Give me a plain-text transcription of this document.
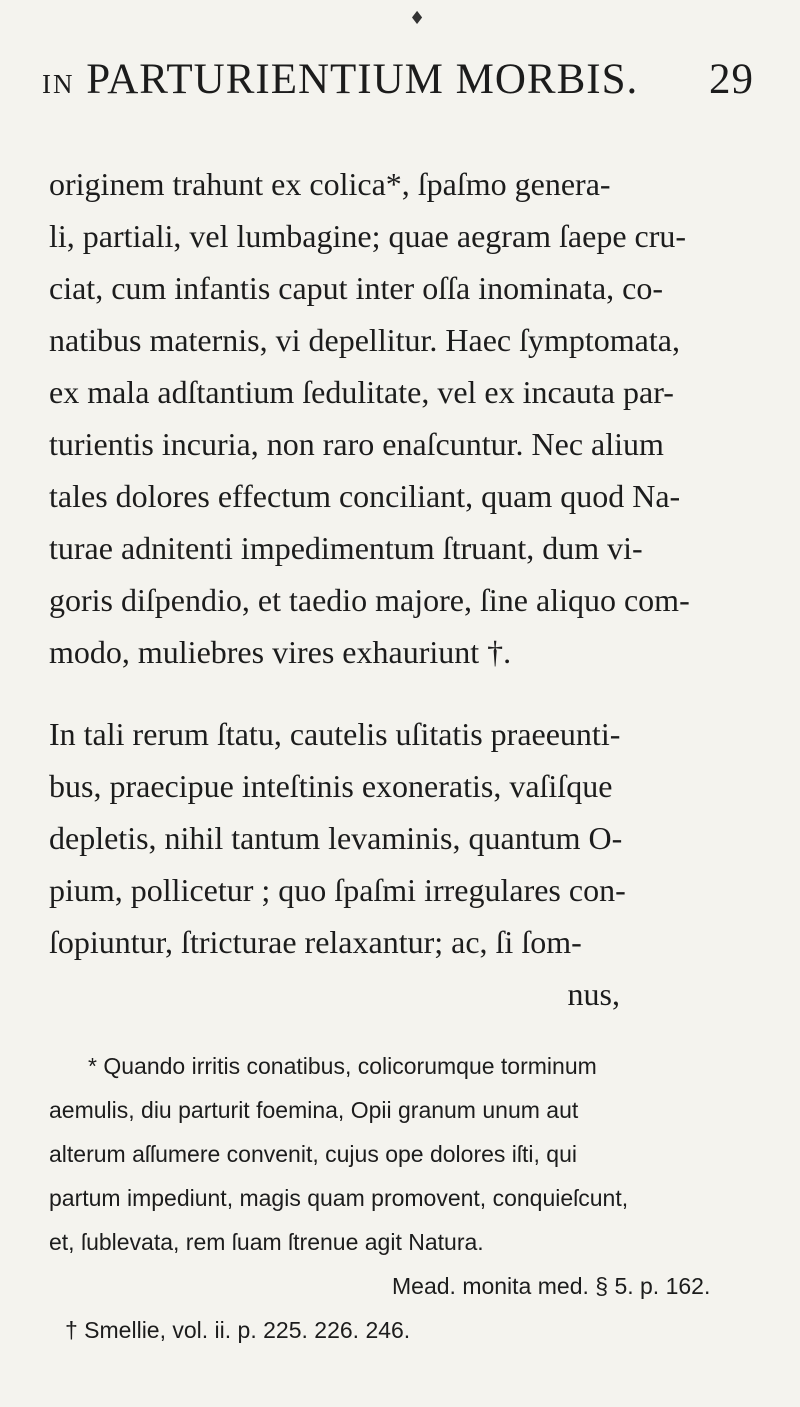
♦
IN PARTURIENTIUM MORBIS. 29
originem trahunt ex colica*, ſpaſmo genera-
li, partiali, vel lumbagine; quae aegram ſaepe cru-
ciat, cum infantis caput inter oſſa inominata, co-
natibus maternis, vi depellitur. Haec ſymptomata,
ex mala adſtantium ſedulitate, vel ex incauta par-
turientis incuria, non raro enaſcuntur. Nec alium
tales dolores effectum conciliant, quam quod Na-
turae adnitenti impedimentum ſtruant, dum vi-
goris diſpendio, et taedio majore, ſine aliquo com-
modo, muliebres vires exhauriunt †.
In tali rerum ſtatu, cautelis uſitatis praeeunti-
bus, praecipue inteſtinis exoneratis, vaſiſque
depletis, nihil tantum levaminis, quantum O-
pium, pollicetur ; quo ſpaſmi irregulares con-
ſopiuntur, ſtricturae relaxantur; ac, ſi ſom-
nus,
* Quando irritis conatibus, colicorumque torminum
aemulis, diu parturit foemina, Opii granum unum aut
alterum aſſumere convenit, cujus ope dolores iſti, qui
partum impediunt, magis quam promovent, conquieſcunt,
et, ſublevata, rem ſuam ſtrenue agit Natura.
Mead. monita med. § 5. p. 162.
† Smellie, vol. ii. p. 225. 226. 246.
